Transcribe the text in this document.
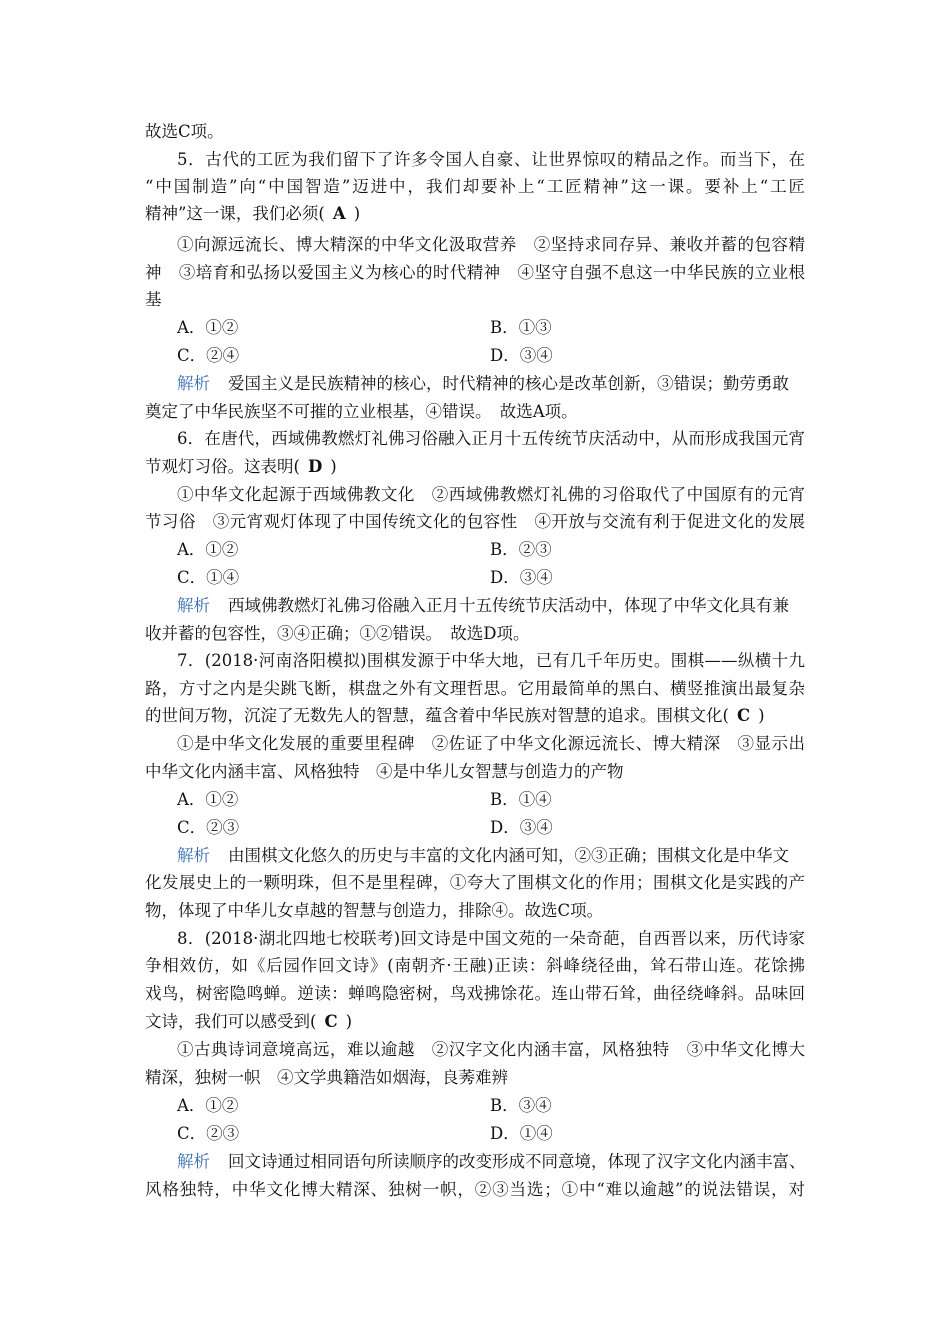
故选C项。
5．古代的工匠为我们留下了许多令国人自豪、让世界惊叹的精品之作。而当下，在
“中国制造”向“中国智造”迈进中，我们却要补上“工匠精神”这一课。要补上“工匠
精神”这一课，我们必须( A )
①向源远流长、博大精深的中华文化汲取营养　②坚持求同存异、兼收并蓄的包容精
神　③培育和弘扬以爱国主义为核心的时代精神　④坚守自强不息这一中华民族的立业根
基
A．①②	B．①③
C．②④	D．③④
解析 爱国主义是民族精神的核心，时代精神的核心是改革创新，③错误；勤劳勇敢
奠定了中华民族坚不可摧的立业根基，④错误。　故选A项。
6．在唐代，西域佛教燃灯礼佛习俗融入正月十五传统节庆活动中，从而形成我国元宵
节观灯习俗。这表明( D )
①中华文化起源于西域佛教文化　②西域佛教燃灯礼佛的习俗取代了中国原有的元宵
节习俗　③元宵观灯体现了中国传统文化的包容性　④开放与交流有利于促进文化的发展
A．①②	B．②③
C．①④	D．③④
解析 西域佛教燃灯礼佛习俗融入正月十五传统节庆活动中，体现了中华文化具有兼
收并蓄的包容性，③④正确；①②错误。　故选D项。
7．(2018·河南洛阳模拟)围棋发源于中华大地，已有几千年历史。围棋——纵横十九
路，方寸之内是尖跳飞断，棋盘之外有文理哲思。它用最简单的黑白、横竖推演出最复杂
的世间万物，沉淀了无数先人的智慧，蕴含着中华民族对智慧的追求。围棋文化( C )
①是中华文化发展的重要里程碑　②佐证了中华文化源远流长、博大精深　③显示出
中华文化内涵丰富、风格独特　④是中华儿女智慧与创造力的产物
A．①②	B．①④
C．②③	D．③④
解析 由围棋文化悠久的历史与丰富的文化内涵可知，②③正确；围棋文化是中华文
化发展史上的一颗明珠，但不是里程碑，①夸大了围棋文化的作用；围棋文化是实践的产
物，体现了中华儿女卓越的智慧与创造力，排除④。故选C项。
8．(2018·湖北四地七校联考)回文诗是中国文苑的一朵奇葩，自西晋以来，历代诗家
争相效仿，如《后园作回文诗》(南朝齐·王融)正读：斜峰绕径曲，耸石带山连。花馀拂
戏鸟，树密隐鸣蝉。逆读：蝉鸣隐密树，鸟戏拂馀花。连山带石耸，曲径绕峰斜。品味回
文诗，我们可以感受到( C )
①古典诗词意境高远，难以逾越　②汉字文化内涵丰富，风格独特　③中华文化博大
精深，独树一帜　④文学典籍浩如烟海，良莠难辨
A．①②	B．③④
C．②③	D．①④
解析 回文诗通过相同语句所读顺序的改变形成不同意境，体现了汉字文化内涵丰富、
风格独特，中华文化博大精深、独树一帜，②③当选；①中“难以逾越”的说法错误，对
